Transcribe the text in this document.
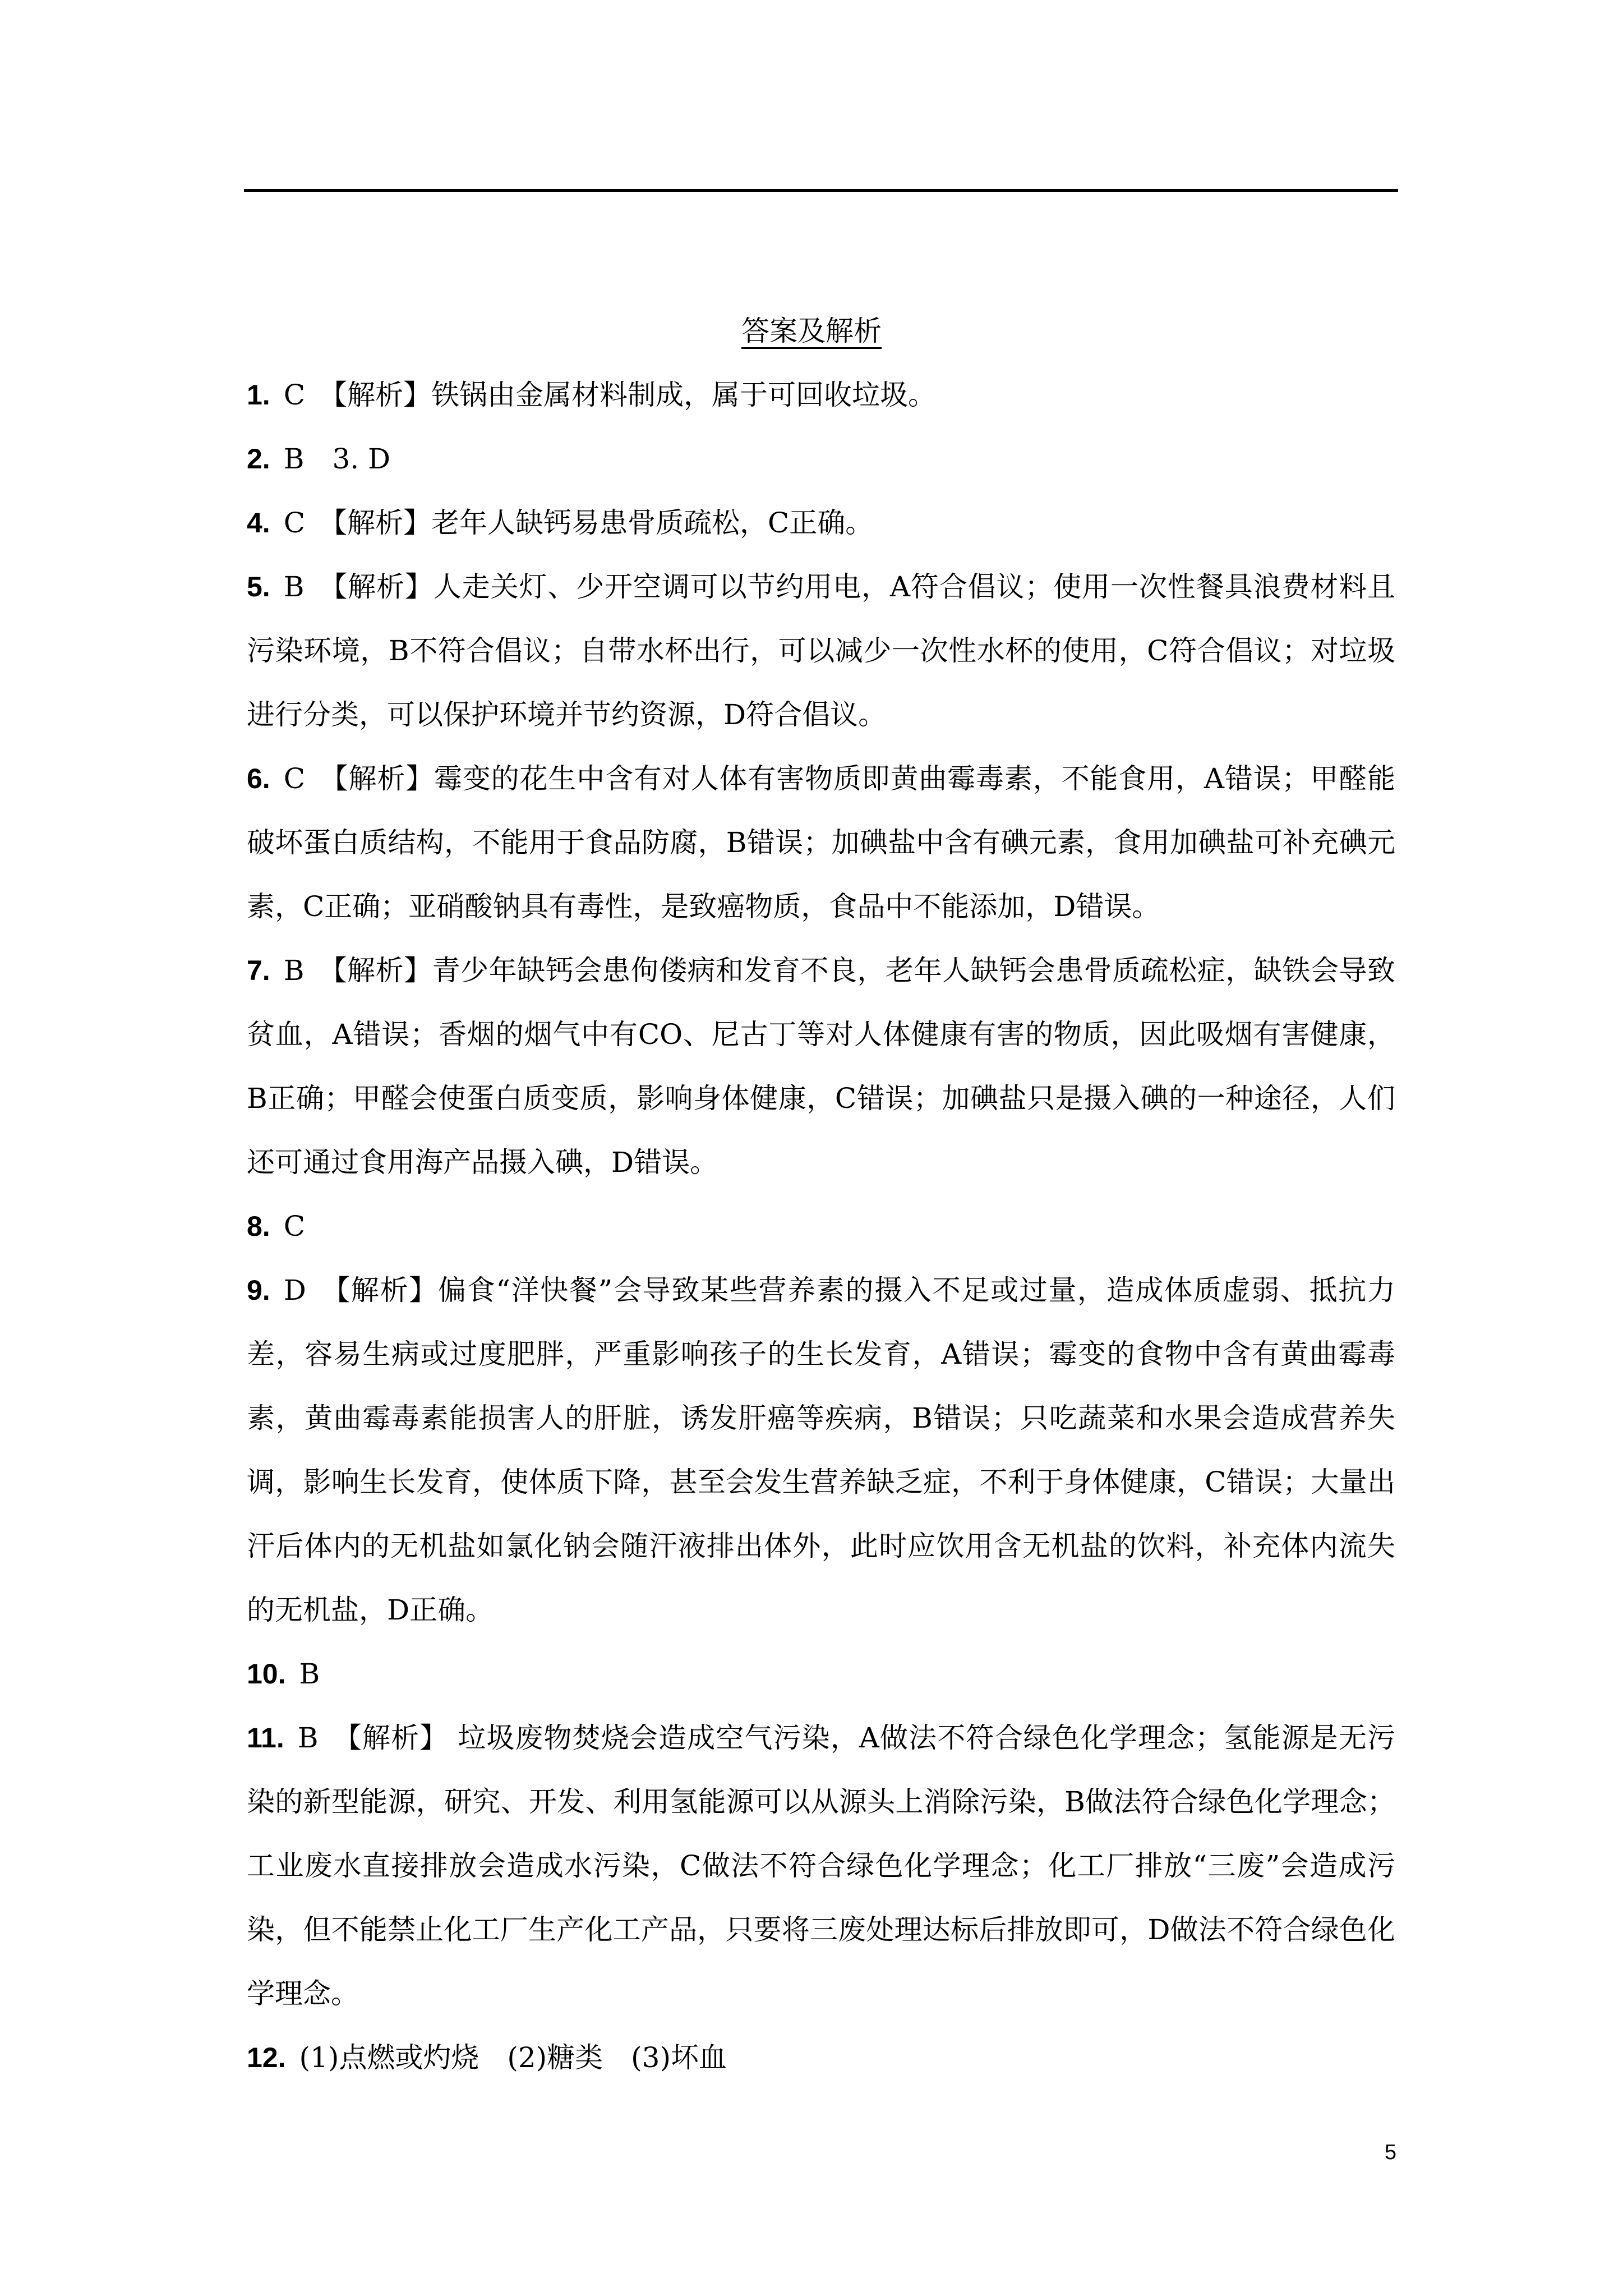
答案及解析

1. C　【解析】铁锅由金属材料制成，属于可回收垃圾。

2. B　3. D

4. C　【解析】老年人缺钙易患骨质疏松，C正确。

5. B　【解析】人走关灯、少开空调可以节约用电，A符合倡议；使用一次性餐具浪费材料且污染环境，B不符合倡议；自带水杯出行，可以减少一次性水杯的使用，C符合倡议；对垃圾进行分类，可以保护环境并节约资源，D符合倡议。

6. C　【解析】霉变的花生中含有对人体有害物质即黄曲霉毒素，不能食用，A错误；甲醛能破坏蛋白质结构，不能用于食品防腐，B错误；加碘盐中含有碘元素，食用加碘盐可补充碘元素，C正确；亚硝酸钠具有毒性，是致癌物质，食品中不能添加，D错误。

7. B　【解析】青少年缺钙会患佝偻病和发育不良，老年人缺钙会患骨质疏松症，缺铁会导致贫血，A错误；香烟的烟气中有CO、尼古丁等对人体健康有害的物质，因此吸烟有害健康，B正确；甲醛会使蛋白质变质，影响身体健康，C错误；加碘盐只是摄入碘的一种途径，人们还可通过食用海产品摄入碘，D错误。

8. C

9. D　【解析】偏食“洋快餐”会导致某些营养素的摄入不足或过量，造成体质虚弱、抵抗力差，容易生病或过度肥胖，严重影响孩子的生长发育，A错误；霉变的食物中含有黄曲霉毒素，黄曲霉毒素能损害人的肝脏，诱发肝癌等疾病，B错误；只吃蔬菜和水果会造成营养失调，影响生长发育，使体质下降，甚至会发生营养缺乏症，不利于身体健康，C错误；大量出汗后体内的无机盐如氯化钠会随汗液排出体外，此时应饮用含无机盐的饮料，补充体内流失的无机盐，D正确。

10. B

11. B　【解析】 垃圾废物焚烧会造成空气污染，A做法不符合绿色化学理念；氢能源是无污染的新型能源，研究、开发、利用氢能源可以从源头上消除污染，B做法符合绿色化学理念；工业废水直接排放会造成水污染，C做法不符合绿色化学理念；化工厂排放“三废”会造成污染，但不能禁止化工厂生产化工产品，只要将三废处理达标后排放即可，D做法不符合绿色化学理念。

12. (1)点燃或灼烧　(2)糖类　(3)坏血

5
